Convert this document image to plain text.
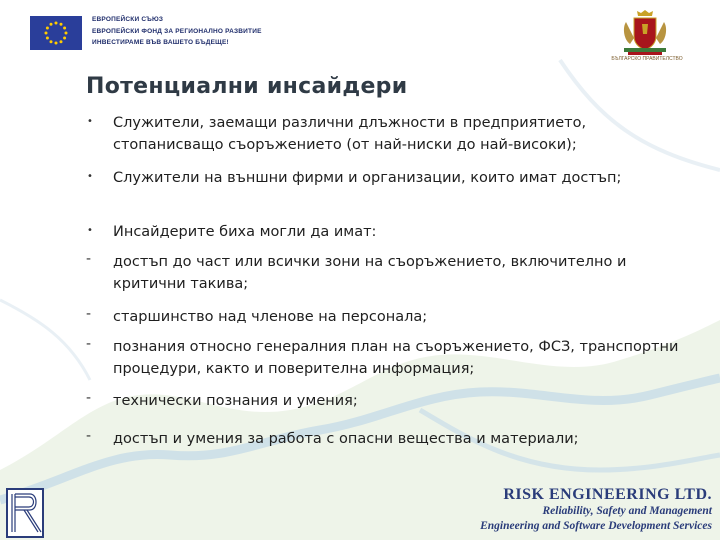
ЕВРОПЕЙСКИ СЪЮЗ
ЕВРОПЕЙСКИ ФОНД ЗА РЕГИОНАЛНО РАЗВИТИЕ
ИНВЕСТИРАМЕ ВЪВ ВАШЕТО БЪДЕЩЕ!
БЪЛГАРСКО ПРАВИТЕЛСТВО
Потенциални инсайдери
•	Служители, заемащи различни длъжности в предприятието, стопанисващо съоръжението (от най-ниски до най-високи);
•	Служители на външни фирми и организации, които имат достъп;
•	Инсайдерите биха могли да имат:
-	достъп до част или всички зони на съоръжението, включително и критични такива;
-	старшинство над членове на персонала;
-	познания относно генералния план на съоръжението, ФСЗ, транспортни процедури, както и поверителна информация;
-	технически познания и умения;
-	достъп и умения за работа с опасни вещества и материали;
RISK ENGINEERING LTD.
Reliability, Safety and Management
Engineering and Software Development Services
